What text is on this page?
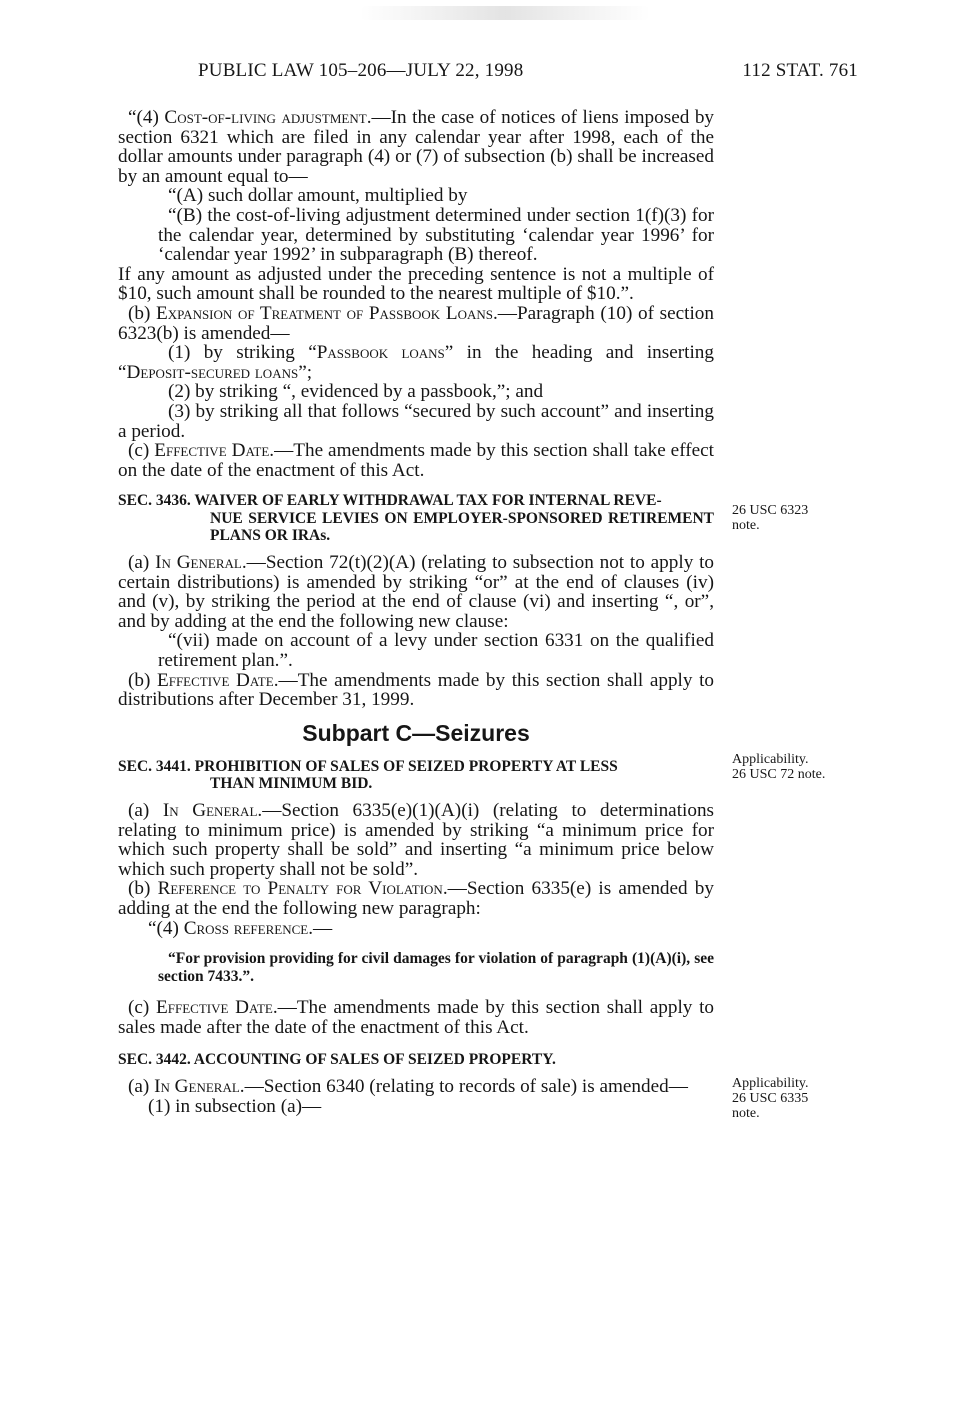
PUBLIC LAW 105–206—JULY 22, 1998	112 STAT. 761

“(4) Cost-of-living adjustment.—In the case of notices of liens imposed by section 6321 which are filed in any calendar year after 1998, each of the dollar amounts under paragraph (4) or (7) of subsection (b) shall be increased by an amount equal to—

“(A) such dollar amount, multiplied by

“(B) the cost-of-living adjustment determined under section 1(f)(3) for the calendar year, determined by substituting ‘calendar year 1996’ for ‘calendar year 1992’ in subparagraph (B) thereof.

If any amount as adjusted under the preceding sentence is not a multiple of $10, such amount shall be rounded to the nearest multiple of $10.”.

(b) Expansion of Treatment of Passbook Loans.—Paragraph (10) of section 6323(b) is amended—

(1) by striking “Passbook loans” in the heading and inserting “Deposit-secured loans”;

(2) by striking “, evidenced by a passbook,”; and

(3) by striking all that follows “secured by such account” and inserting a period.

(c) Effective Date.—The amendments made by this section shall take effect on the date of the enactment of this Act.

SEC. 3436. WAIVER OF EARLY WITHDRAWAL TAX FOR INTERNAL REVE-
NUE SERVICE LEVIES ON EMPLOYER-SPONSORED RETIREMENT PLANS OR IRAs.

(a) In General.—Section 72(t)(2)(A) (relating to subsection not to apply to certain distributions) is amended by striking “or” at the end of clauses (iv) and (v), by striking the period at the end of clause (vi) and inserting “, or”, and by adding at the end the following new clause:

“(vii) made on account of a levy under section 6331 on the qualified retirement plan.”.

(b) Effective Date.—The amendments made by this section shall apply to distributions after December 31, 1999.

Subpart C—Seizures

SEC. 3441. PROHIBITION OF SALES OF SEIZED PROPERTY AT LESS
THAN MINIMUM BID.

(a) In General.—Section 6335(e)(1)(A)(i) (relating to determinations relating to minimum price) is amended by striking “a minimum price for which such property shall be sold” and inserting “a minimum price below which such property shall not be sold”.

(b) Reference to Penalty for Violation.—Section 6335(e) is amended by adding at the end the following new paragraph:

“(4) Cross reference.—

“For provision providing for civil damages for violation of paragraph (1)(A)(i), see section 7433.”.

(c) Effective Date.—The amendments made by this section shall apply to sales made after the date of the enactment of this Act.

SEC. 3442. ACCOUNTING OF SALES OF SEIZED PROPERTY.

(a) In General.—Section 6340 (relating to records of sale) is amended—

(1) in subsection (a)—

26 USC 6323
note.
Applicability.
26 USC 72 note.
Applicability.
26 USC 6335
note.
